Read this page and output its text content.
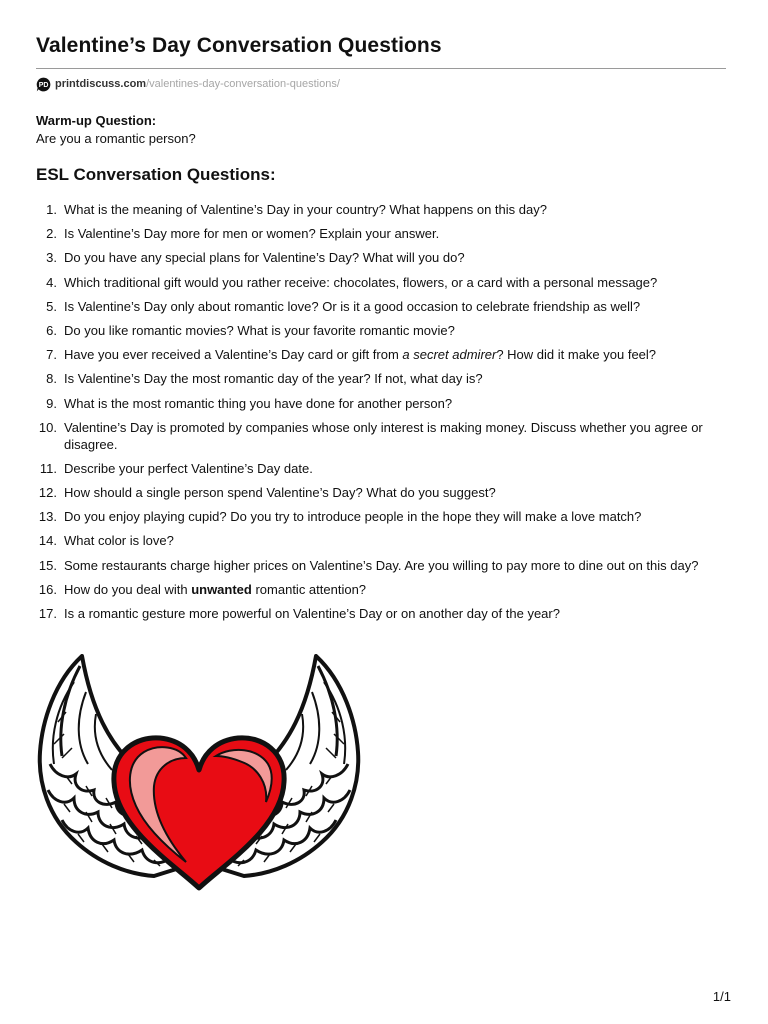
Valentine’s Day Conversation Questions
PD printdiscuss.com /valentines-day-conversation-questions/
Warm-up Question:
Are you a romantic person?
ESL Conversation Questions:
1. What is the meaning of Valentine’s Day in your country? What happens on this day?
2. Is Valentine’s Day more for men or women? Explain your answer.
3. Do you have any special plans for Valentine’s Day? What will you do?
4. Which traditional gift would you rather receive: chocolates, flowers, or a card with a personal message?
5. Is Valentine’s Day only about romantic love? Or is it a good occasion to celebrate friendship as well?
6. Do you like romantic movies? What is your favorite romantic movie?
7. Have you ever received a Valentine’s Day card or gift from a secret admirer? How did it make you feel?
8. Is Valentine’s Day the most romantic day of the year? If not, what day is?
9. What is the most romantic thing you have done for another person?
10. Valentine’s Day is promoted by companies whose only interest is making money. Discuss whether you agree or disagree.
11. Describe your perfect Valentine’s Day date.
12. How should a single person spend Valentine’s Day? What do you suggest?
13. Do you enjoy playing cupid? Do you try to introduce people in the hope they will make a love match?
14. What color is love?
15. Some restaurants charge higher prices on Valentine’s Day. Are you willing to pay more to dine out on this day?
16. How do you deal with unwanted romantic attention?
17. Is a romantic gesture more powerful on Valentine’s Day or on another day of the year?
1/1
